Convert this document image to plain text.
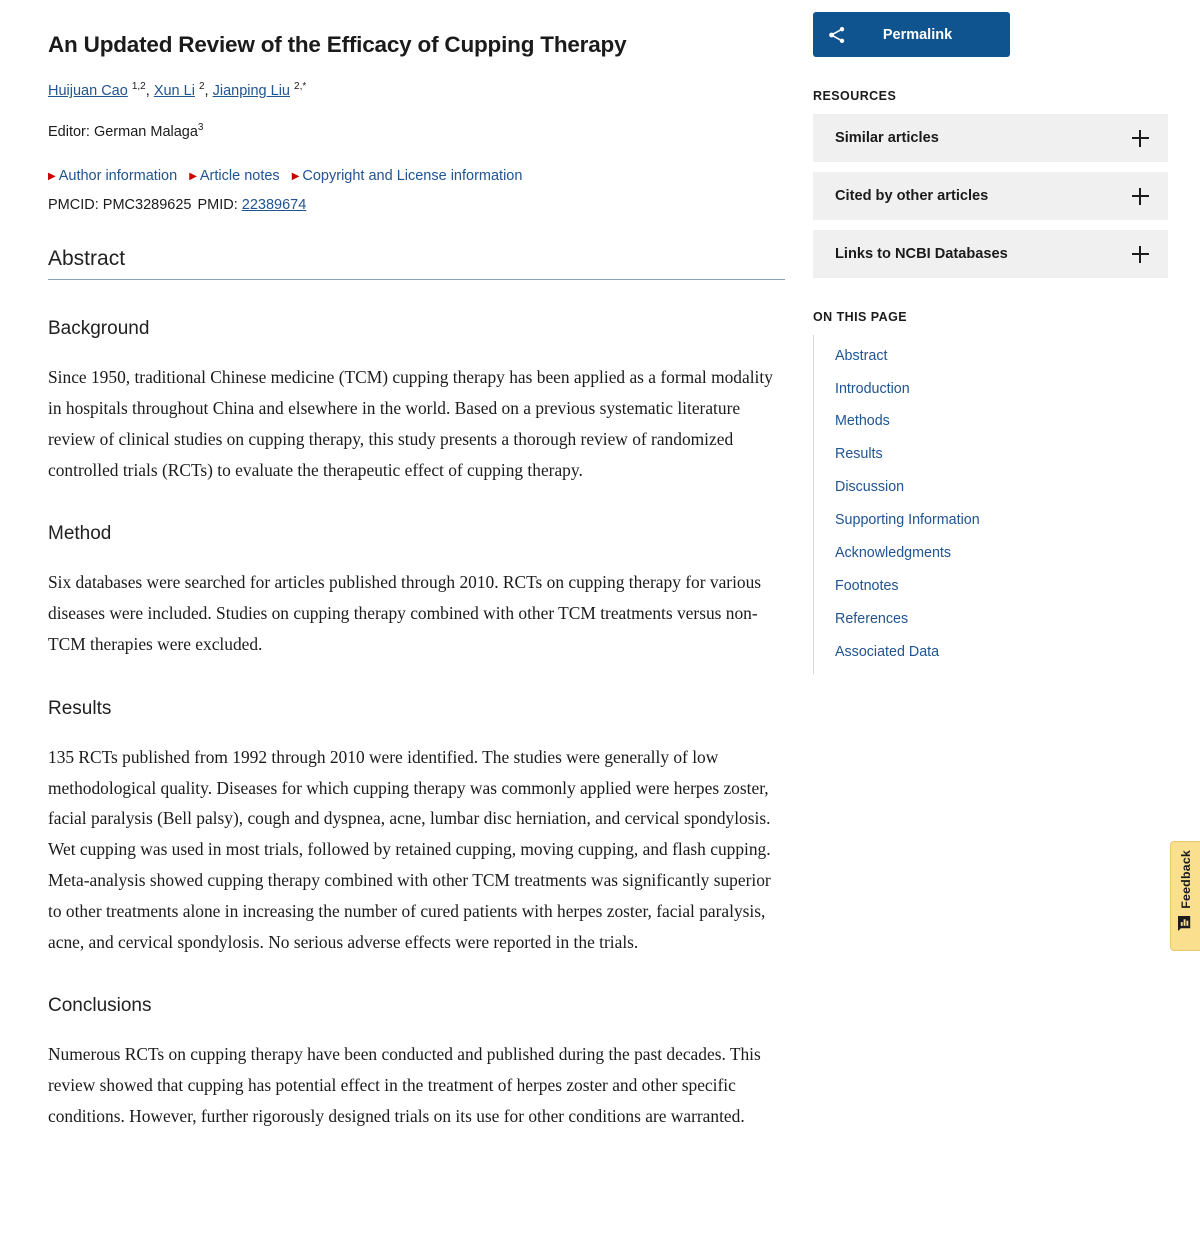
An Updated Review of the Efficacy of Cupping Therapy
Huijuan Cao $^{1,2}$, Xun Li $^2$, Jianping Liu $^{2,*}$
Editor: German Malaga$^3$
▶ Author information ▶ Article notes ▶ Copyright and License information
PMCID: PMC3289625 PMID: 22389674
Abstract
Background

Since 1950, traditional Chinese medicine (TCM) cupping therapy has been applied as a formal modality in hospitals throughout China and elsewhere in the world. Based on a previous systematic literature review of clinical studies on cupping therapy, this study presents a thorough review of randomized controlled trials (RCTs) to evaluate the therapeutic effect of cupping therapy.

Method

Six databases were searched for articles published through 2010. RCTs on cupping therapy for various diseases were included. Studies on cupping therapy combined with other TCM treatments versus non-TCM therapies were excluded.

Results

135 RCTs published from 1992 through 2010 were identified. The studies were generally of low methodological quality. Diseases for which cupping therapy was commonly applied were herpes zoster, facial paralysis (Bell palsy), cough and dyspnea, acne, lumbar disc herniation, and cervical spondylosis. Wet cupping was used in most trials, followed by retained cupping, moving cupping, and flash cupping. Meta-analysis showed cupping therapy combined with other TCM treatments was significantly superior to other treatments alone in increasing the number of cured patients with herpes zoster, facial paralysis, acne, and cervical spondylosis. No serious adverse effects were reported in the trials.

Conclusions

Numerous RCTs on cupping therapy have been conducted and published during the past decades. This review showed that cupping has potential effect in the treatment of herpes zoster and other specific conditions. However, further rigorously designed trials on its use for other conditions are warranted.

Permalink
RESOURCES
Similar articles
Cited by other articles
Links to NCBI Databases
ON THIS PAGE
Abstract
Introduction
Methods
Results
Discussion
Supporting Information
Acknowledgments
Footnotes
References
Associated Data
Feedback
